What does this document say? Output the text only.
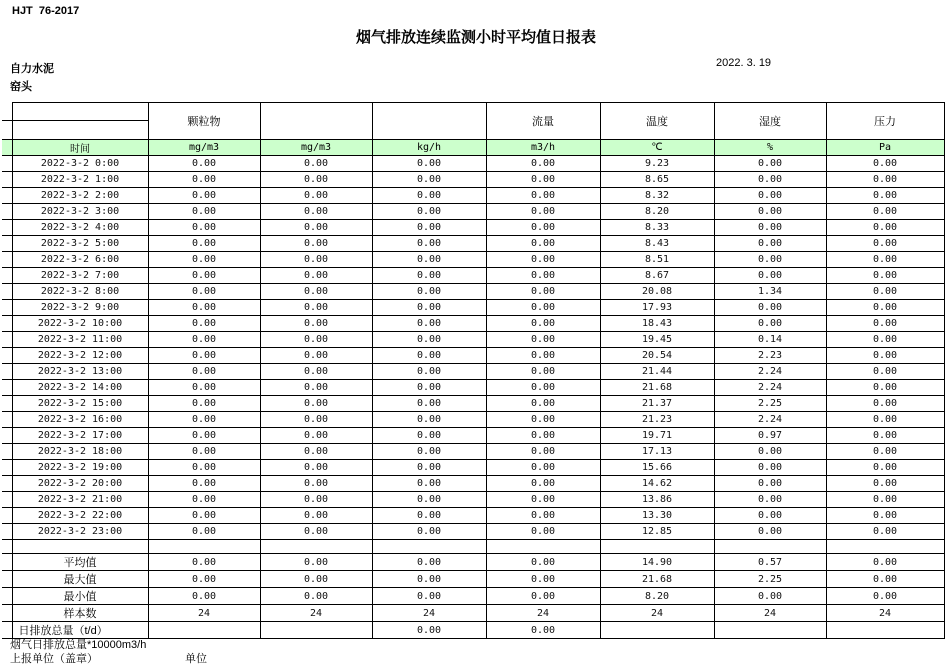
HJT  76-2017
烟气排放连续监测小时平均值日报表
2022. 3. 19
自力水泥
窑头
		颗粒物			流量	温度	湿度	压力

	时间	mg/m3	mg/m3	kg/h	m3/h	℃	%	Pa
	2022-3-2 0:00	0.00	0.00	0.00	0.00	9.23	0.00	0.00
	2022-3-2 1:00	0.00	0.00	0.00	0.00	8.65	0.00	0.00
	2022-3-2 2:00	0.00	0.00	0.00	0.00	8.32	0.00	0.00
	2022-3-2 3:00	0.00	0.00	0.00	0.00	8.20	0.00	0.00
	2022-3-2 4:00	0.00	0.00	0.00	0.00	8.33	0.00	0.00
	2022-3-2 5:00	0.00	0.00	0.00	0.00	8.43	0.00	0.00
	2022-3-2 6:00	0.00	0.00	0.00	0.00	8.51	0.00	0.00
	2022-3-2 7:00	0.00	0.00	0.00	0.00	8.67	0.00	0.00
	2022-3-2 8:00	0.00	0.00	0.00	0.00	20.08	1.34	0.00
	2022-3-2 9:00	0.00	0.00	0.00	0.00	17.93	0.00	0.00
	2022-3-2 10:00	0.00	0.00	0.00	0.00	18.43	0.00	0.00
	2022-3-2 11:00	0.00	0.00	0.00	0.00	19.45	0.14	0.00
	2022-3-2 12:00	0.00	0.00	0.00	0.00	20.54	2.23	0.00
	2022-3-2 13:00	0.00	0.00	0.00	0.00	21.44	2.24	0.00
	2022-3-2 14:00	0.00	0.00	0.00	0.00	21.68	2.24	0.00
	2022-3-2 15:00	0.00	0.00	0.00	0.00	21.37	2.25	0.00
	2022-3-2 16:00	0.00	0.00	0.00	0.00	21.23	2.24	0.00
	2022-3-2 17:00	0.00	0.00	0.00	0.00	19.71	0.97	0.00
	2022-3-2 18:00	0.00	0.00	0.00	0.00	17.13	0.00	0.00
	2022-3-2 19:00	0.00	0.00	0.00	0.00	15.66	0.00	0.00
	2022-3-2 20:00	0.00	0.00	0.00	0.00	14.62	0.00	0.00
	2022-3-2 21:00	0.00	0.00	0.00	0.00	13.86	0.00	0.00
	2022-3-2 22:00	0.00	0.00	0.00	0.00	13.30	0.00	0.00
	2022-3-2 23:00	0.00	0.00	0.00	0.00	12.85	0.00	0.00

	平均值	0.00	0.00	0.00	0.00	14.90	0.57	0.00
	最大值	0.00	0.00	0.00	0.00	21.68	2.25	0.00
	最小值	0.00	0.00	0.00	0.00	8.20	0.00	0.00
	样本数	24	24	24	24	24	24	24
	日排放总量（t/d）			0.00	0.00			
烟气日排放总量*10000m3/h
上报单位（盖章）	单位
